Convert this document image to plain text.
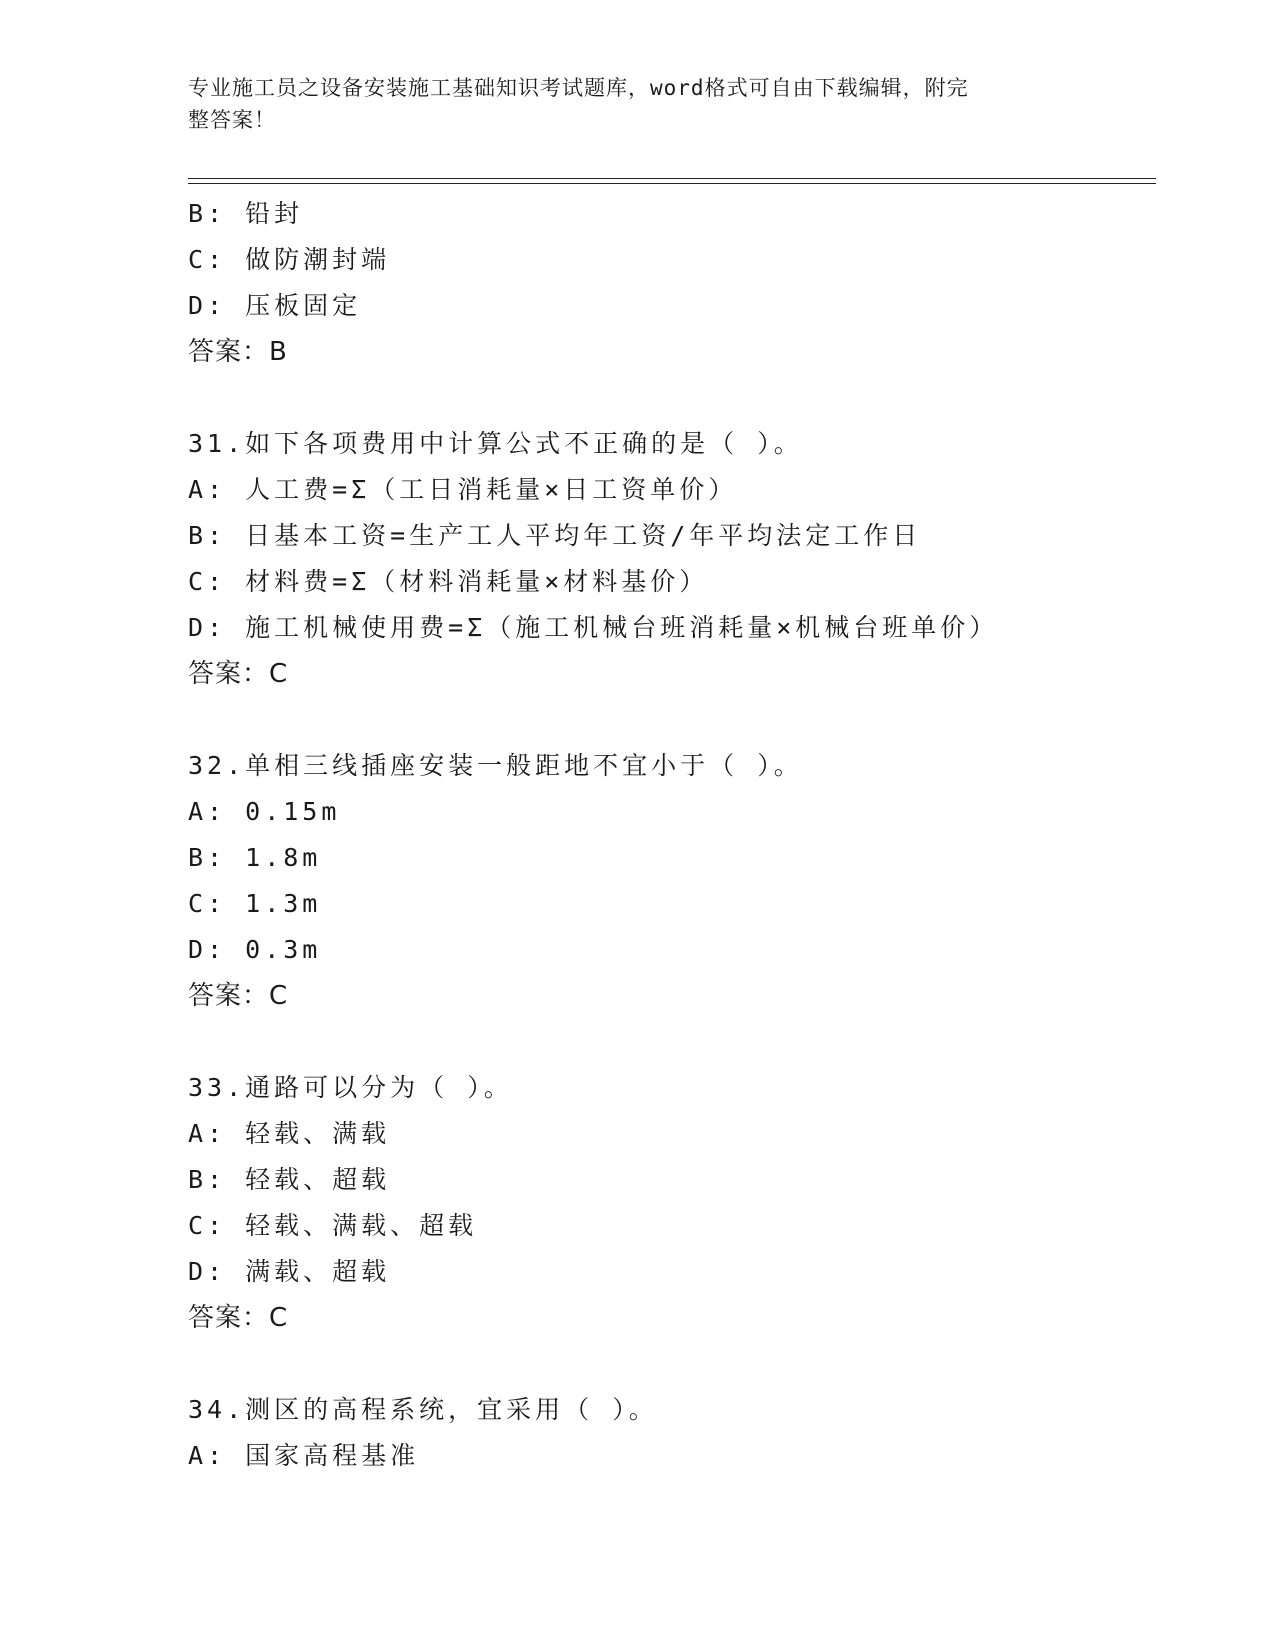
专业施工员之设备安装施工基础知识考试题库，word格式可自由下载编辑，附完
整答案！
B: 铅封
C: 做防潮封端
D: 压板固定
答案：B
31.如下各项费用中计算公式不正确的是（ ）。
A: 人工费=Σ（工日消耗量×日工资单价）
B: 日基本工资=生产工人平均年工资/年平均法定工作日
C: 材料费=Σ（材料消耗量×材料基价）
D: 施工机械使用费=Σ（施工机械台班消耗量×机械台班单价）
答案：C
32.单相三线插座安装一般距地不宜小于（ ）。
A: 0.15m
B: 1.8m
C: 1.3m
D: 0.3m
答案：C
33.通路可以分为（ ）。
A: 轻载、满载
B: 轻载、超载
C: 轻载、满载、超载
D: 满载、超载
答案：C
34.测区的高程系统，宜采用（ ）。
A: 国家高程基准
